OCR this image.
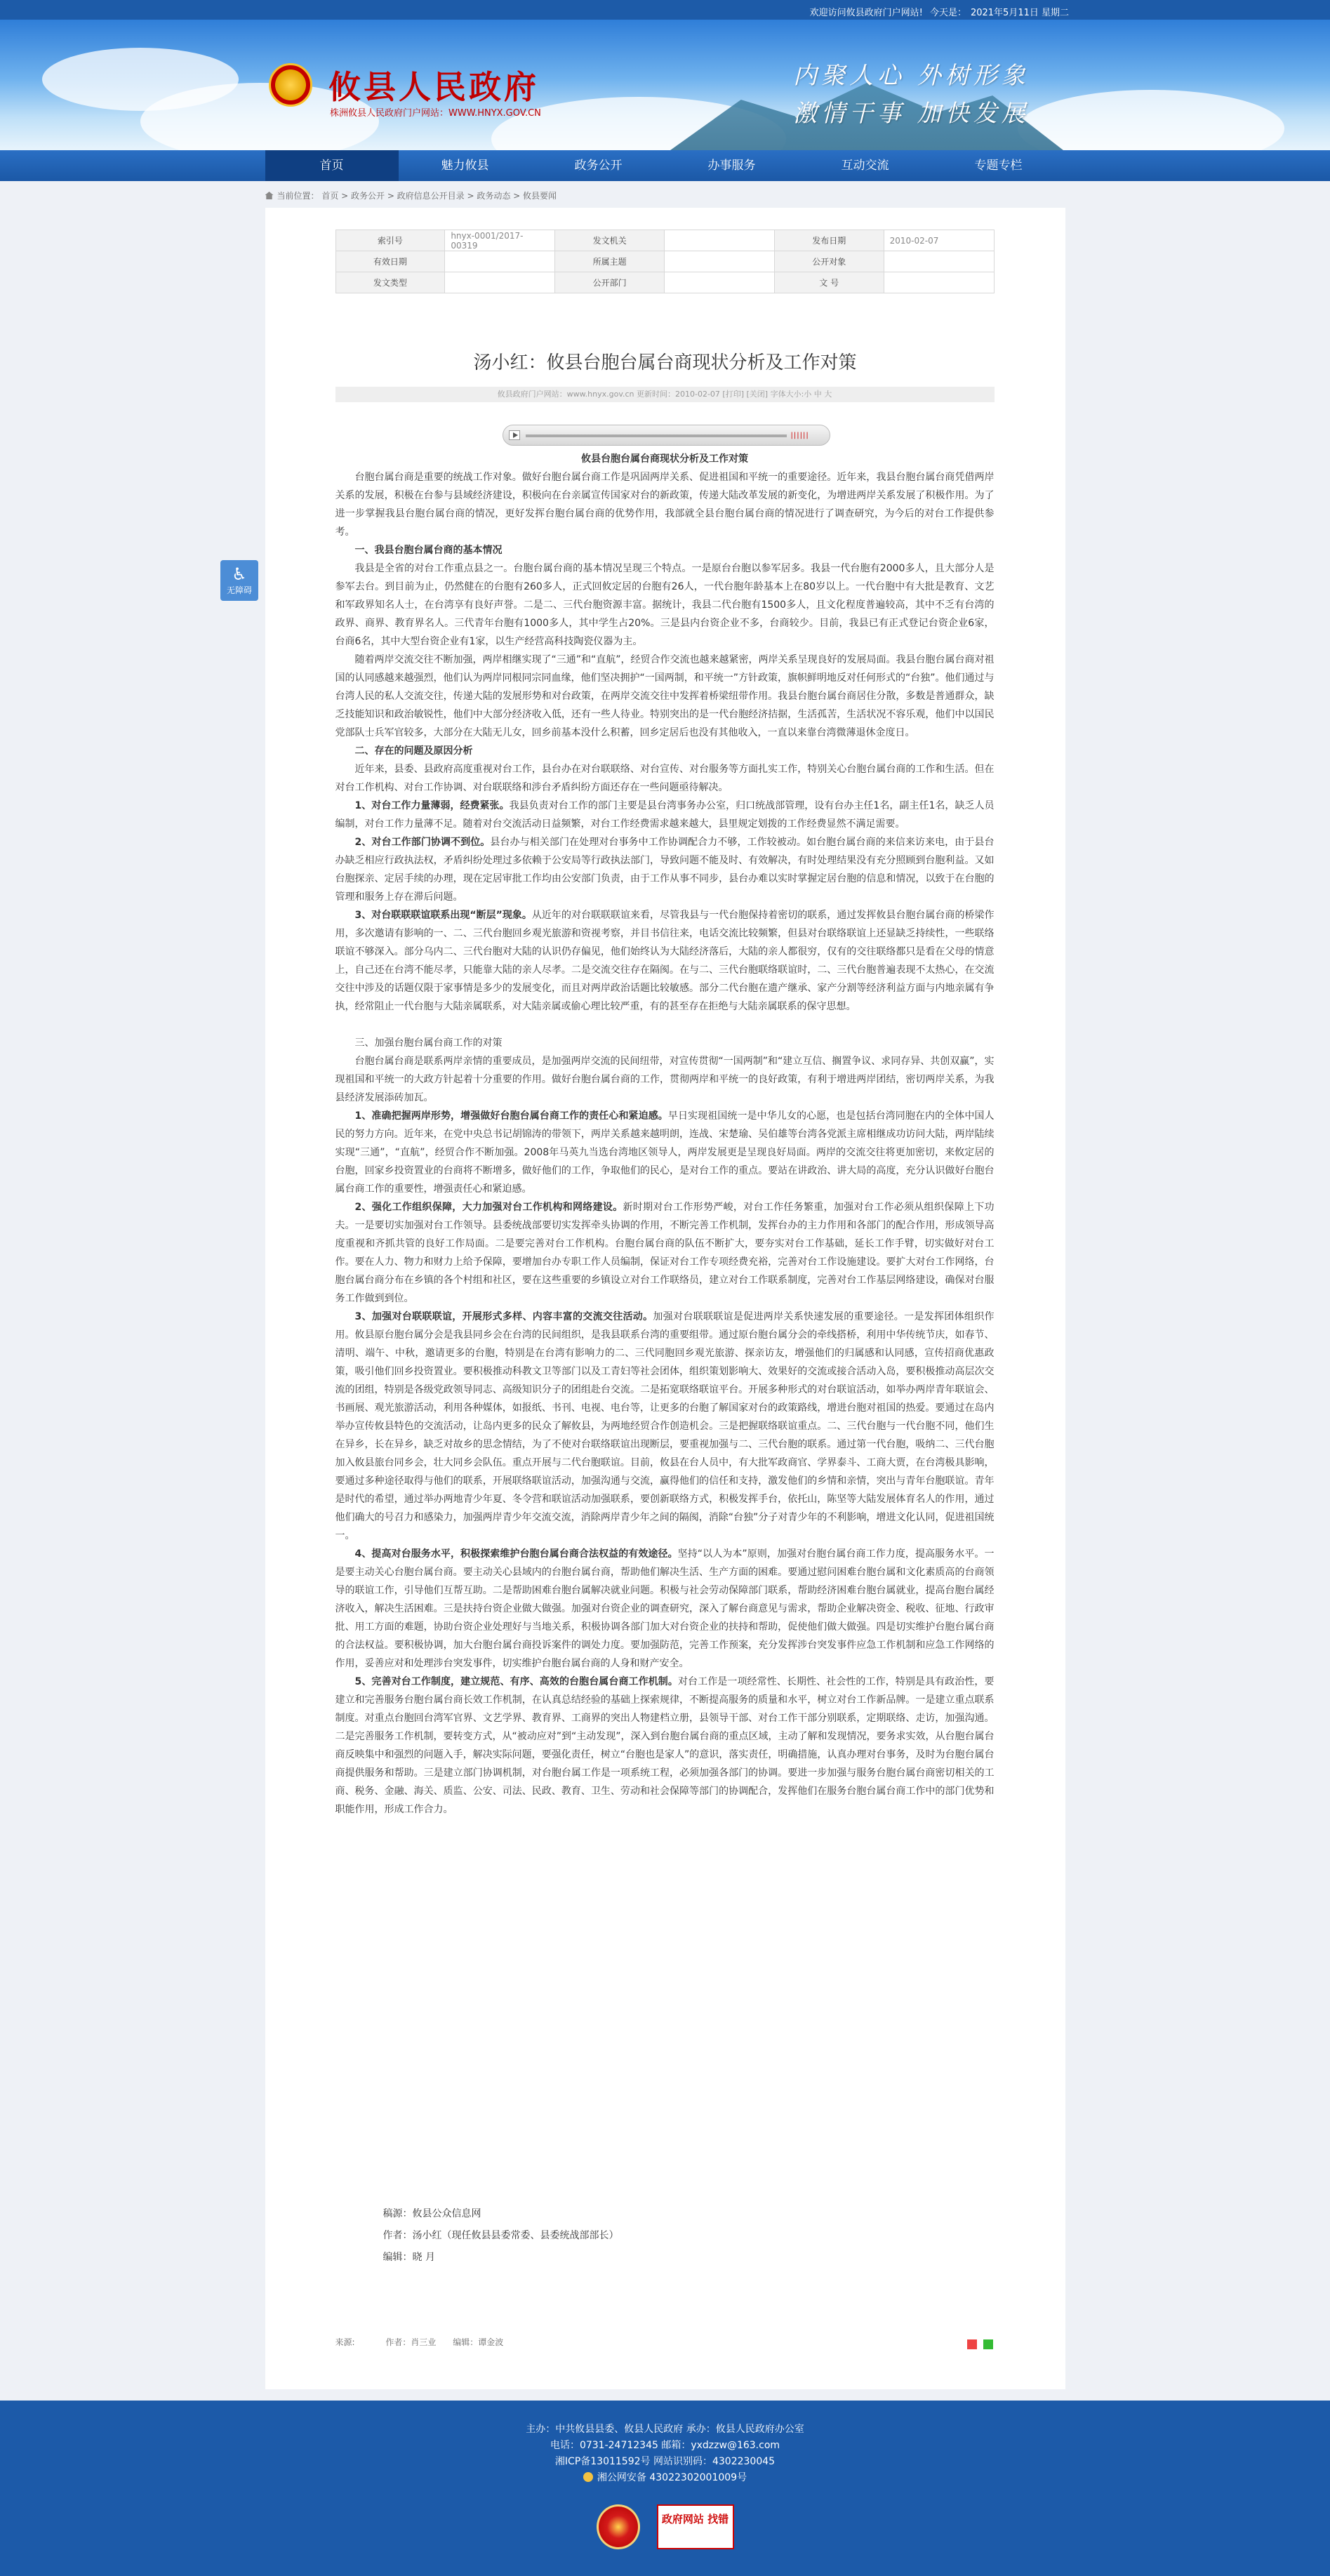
欢迎访问攸县政府门户网站! 今天是： 2021年5月11日 星期二
攸县人民政府
株洲攸县人民政府门户网站：WWW.HNYX.GOV.CN
内聚人心 外树形象
激情干事 加快发展
首页	魅力攸县	政务公开	办事服务	互动交流	专题专栏
当前位置： 首页 > 政务公开 > 政府信息公开目录 > 政务动态 > 攸县要闻
♿
无障碍
索引号	hnyx-0001/2017-00319	发文机关		发布日期	2010-02-07
有效日期		所属主题		公开对象	
发文类型		公开部门		文 号	
汤小红：攸县台胞台属台商现状分析及工作对策
攸县政府门户网站：www.hnyx.gov.cn 更新时间：2010-02-07 [打印] [关闭] 字体大小:小 中 大
||||||
攸县台胞台属台商现状分析及工作对策

台胞台属台商是重要的统战工作对象。做好台胞台属台商工作是巩固两岸关系、促进祖国和平统一的重要途径。近年来，我县台胞台属台商凭借两岸关系的发展，积极在台参与县域经济建设，积极向在台亲属宣传国家对台的新政策，传递大陆改革发展的新变化，为增进两岸关系发展了积极作用。为了进一步掌握我县台胞台属台商的情况，更好发挥台胞台属台商的优势作用，我部就全县台胞台属台商的情况进行了调查研究，为今后的对台工作提供参考。

一、我县台胞台属台商的基本情况

我县是全省的对台工作重点县之一。台胞台属台商的基本情况呈现三个特点。一是原台台胞以参军居多。我县一代台胞有2000多人，且大部分人是参军去台。到目前为止，仍然健在的台胞有260多人，正式回攸定居的台胞有26人，一代台胞年龄基本上在80岁以上。一代台胞中有大批是教育、文艺和军政界知名人士，在台湾享有良好声誉。二是二、三代台胞资源丰富。据统计，我县二代台胞有1500多人，且文化程度普遍较高，其中不乏有台湾的政界、商界、教育界名人。三代青年台胞有1000多人，其中学生占20%。三是县内台资企业不多，台商较少。目前，我县已有正式登记台资企业6家，台商6名，其中大型台资企业有1家，以生产经营高科技陶瓷仪器为主。

随着两岸交流交往不断加强，两岸相继实现了“三通”和“直航”，经贸合作交流也越来越紧密，两岸关系呈现良好的发展局面。我县台胞台属台商对祖国的认同感越来越强烈，他们认为两岸同根同宗同血缘，他们坚决拥护“一国两制，和平统一”方针政策，旗帜鲜明地反对任何形式的“台独”。他们通过与台湾人民的私人交流交往，传递大陆的发展形势和对台政策，在两岸交流交往中发挥着桥梁纽带作用。我县台胞台属台商居住分散，多数是普通群众，缺乏技能知识和政治敏锐性，他们中大部分经济收入低，还有一些人待业。特别突出的是一代台胞经济拮据，生活孤苦，生活状况不容乐观，他们中以国民党部队士兵军官较多，大部分在大陆无儿女，回乡前基本没什么积蓄，回乡定居后也没有其他收入，一直以来靠台湾微薄退休金度日。

二、存在的问题及原因分析

近年来，县委、县政府高度重视对台工作，县台办在对台联联络、对台宣传、对台服务等方面扎实工作，特别关心台胞台属台商的工作和生活。但在对台工作机构、对台工作协调、对台联联络和涉台矛盾纠纷方面还存在一些问题亟待解决。

1、对台工作力量薄弱，经费紧张。我县负责对台工作的部门主要是县台湾事务办公室，归口统战部管理，设有台办主任1名，副主任1名，缺乏人员编制，对台工作力量薄不足。随着对台交流活动日益频繁，对台工作经费需求越来越大，县里规定划拨的工作经费显然不满足需要。

2、对台工作部门协调不到位。县台办与相关部门在处理对台事务中工作协调配合力不够，工作较被动。如台胞台属台商的来信来访来电，由于县台办缺乏相应行政执法权，矛盾纠纷处理过多依赖于公安局等行政执法部门，导致问题不能及时、有效解决，有时处理结果没有充分照顾到台胞利益。又如台胞探亲、定居手续的办理，现在定居审批工作均由公安部门负责，由于工作从事不同步，县台办难以实时掌握定居台胞的信息和情况，以致于在台胞的管理和服务上存在滞后问题。

3、对台联联联谊联系出现“断层”现象。从近年的对台联联联谊来看，尽管我县与一代台胞保持着密切的联系，通过发挥攸县台胞台属台商的桥梁作用，多次邀请有影响的一、二、三代台胞回乡观光旅游和资视考察，并目书信往来，电话交流比较频繁，但县对台联络联谊上还显缺乏持续性，一些联络联谊不够深入。部分乌内二、三代台胞对大陆的认识仍存偏见，他们始终认为大陆经济落后，大陆的亲人都很穷，仅有的交往联络都只是看在父母的情意上，自己还在台湾不能尽孝，只能靠大陆的亲人尽孝。二是交流交往存在隔阂。在与二、三代台胞联络联谊时，二、三代台胞普遍表现不太热心，在交流交往中涉及的话题仅限于家事情是多少的发展变化，而且对两岸政治话题比较敏感。部分二代台胞在遗产继承、家产分割等经济利益方面与内地亲属有争执，经常阻止一代台胞与大陆亲属联系，对大陆亲属或偷心理比较严重，有的甚至存在拒绝与大陆亲属联系的保守思想。

三、加强台胞台属台商工作的对策

台胞台属台商是联系两岸亲情的重要成员，是加强两岸交流的民间纽带，对宣传贯彻“一国两制”和“建立互信、搁置争议、求同存异、共创双赢”，实现祖国和平统一的大政方针起着十分重要的作用。做好台胞台属台商的工作，贯彻两岸和平统一的良好政策，有利于增进两岸团结，密切两岸关系，为我县经济发展添砖加瓦。

1、准确把握两岸形势，增强做好台胞台属台商工作的责任心和紧迫感。早日实现祖国统一是中华儿女的心愿，也是包括台湾同胞在内的全体中国人民的努力方向。近年来，在党中央总书记胡锦涛的带领下，两岸关系越来越明朗，连战、宋楚瑜、吴伯雄等台湾各党派主席相继成功访问大陆，两岸陆续实现“三通”，“直航”，经贸合作不断加强。2008年马英九当选台湾地区领导人，两岸发展更是呈现良好局面。两岸的交流交往将更加密切，来攸定居的台胞，回家乡投资置业的台商将不断增多，做好他们的工作，争取他们的民心，是对台工作的重点。要站在讲政治、讲大局的高度，充分认识做好台胞台属台商工作的重要性，增强责任心和紧迫感。

2、强化工作组织保障，大力加强对台工作机构和网络建设。新时期对台工作形势严峻，对台工作任务繁重，加强对台工作必须从组织保障上下功夫。一是要切实加强对台工作领导。县委统战部要切实发挥牵头协调的作用，不断完善工作机制，发挥台办的主力作用和各部门的配合作用，形成领导高度重视和齐抓共管的良好工作局面。二是要完善对台工作机构。台胞台属台商的队伍不断扩大，要夯实对台工作基础，延长工作手臂，切实做好对台工作。要在人力、物力和财力上给予保障，要增加台办专职工作人员编制，保证对台工作专项经费充裕，完善对台工作设施建设。要扩大对台工作网络，台胞台属台商分布在乡镇的各个村组和社区，要在这些重要的乡镇设立对台工作联络员，建立对台工作联系制度，完善对台工作基层网络建设，确保对台服务工作做到到位。

3、加强对台联联联谊，开展形式多样、内容丰富的交流交往活动。加强对台联联联谊是促进两岸关系快速发展的重要途径。一是发挥团体组织作用。攸县原台胞台属分会是我县同乡会在台湾的民间组织，是我县联系台湾的重要组带。通过原台胞台属分会的牵线搭桥，利用中华传统节庆，如春节、清明、端午、中秋，邀请更多的台胞，特别是在台湾有影响力的二、三代同胞回乡观光旅游、探亲访友，增强他们的归属感和认同感，宣传招商优惠政策，吸引他们回乡投资置业。要积极推动科教文卫等部门以及工青妇等社会团体，组织策划影响大、效果好的交流或接合活动入岛，要积极推动高层次交流的团组，特别是各级党政领导同志、高级知识分子的团组赴台交流。二是拓宽联络联谊平台。开展多种形式的对台联谊活动，如举办两岸青年联谊会、书画展、观光旅游活动，利用各种媒体，如报纸、书刊、电视、电台等，让更多的台胞了解国家对台的政策路线，增进台胞对祖国的热爱。要通过在岛内举办宣传攸县特色的交流活动，让岛内更多的民众了解攸县，为两地经贸合作创造机会。三是把握联络联谊重点。二、三代台胞与一代台胞不同，他们生在异乡，长在异乡，缺乏对故乡的思念情结，为了不使对台联络联谊出现断层，要重视加强与二、三代台胞的联系。通过第一代台胞，吸纳二、三代台胞加入攸县旅台同乡会，壮大同乡会队伍。重点开展与二代台胞联谊。目前，攸县在台人员中，有大批军政商官、学界泰斗、工商大贾，在台湾极具影响，要通过多种途径取得与他们的联系，开展联络联谊活动，加强沟通与交流，赢得他们的信任和支持，激发他们的乡情和亲情，突出与青年台胞联谊。青年是时代的希望，通过举办两地青少年夏、冬令营和联谊活动加强联系，要创新联络方式，积极发挥手台，依托山，陈坚等大陆发展体育名人的作用，通过他们确大的号召力和感染力，加强两岸青少年交流交流，消除两岸青少年之间的隔阂，消除“台独”分子对青少年的不利影响，增进文化认同，促进祖国统一。

4、提高对台服务水平，积极探索维护台胞台属台商合法权益的有效途径。坚持“以人为本”原则，加强对台胞台属台商工作力度，提高服务水平。一是要主动关心台胞台属台商。要主动关心县域内的台胞台属台商，帮助他们解决生活、生产方面的困难。要通过慰问困难台胞台属和文化素质高的台商领导的联谊工作，引导他们互帮互助。二是帮助困难台胞台属解决就业问题。积极与社会劳动保障部门联系，帮助经济困难台胞台属就业，提高台胞台属经济收入，解决生活困难。三是扶持台资企业做大做强。加强对台资企业的调查研究，深入了解台商意见与需求，帮助企业解决资金、税收、征地、行政审批、用工方面的难题，协助台资企业处理好与当地关系，积极协调各部门加大对台资企业的扶持和帮助，促使他们做大做强。四是切实维护台胞台属台商的合法权益。要积极协调，加大台胞台属台商投诉案件的调处力度。要加强防范，完善工作预案，充分发挥涉台突发事件应急工作机制和应急工作网络的作用，妥善应对和处理涉台突发事件，切实维护台胞台属台商的人身和财产安全。

5、完善对台工作制度，建立规范、有序、高效的台胞台属台商工作机制。对台工作是一项经常性、长期性、社会性的工作，特别是具有政治性，要建立和完善服务台胞台属台商长效工作机制，在认真总结经验的基础上探索规律，不断提高服务的质量和水平，树立对台工作新品牌。一是建立重点联系制度。对重点台胞回台湾军官界、文艺学界、教育界、工商界的突出人物建档立册，县领导干部、对台工作干部分别联系，定期联络、走访，加强沟通。二是完善服务工作机制，要转变方式，从“被动应对”到“主动发现”，深入到台胞台属台商的重点区域，主动了解和发现情况，要务求实效，从台胞台属台商反映集中和强烈的问题入手，解决实际问题，要强化责任，树立“台胞也是家人”的意识，落实责任，明确措施，认真办理对台事务，及时为台胞台属台商提供服务和帮助。三是建立部门协调机制，对台胞台属工作是一项系统工程，必须加强各部门的协调。要进一步加强与服务台胞台属台商密切相关的工商、税务、金融、海关、质监、公安、司法、民政、教育、卫生、劳动和社会保障等部门的协调配合，发挥他们在服务台胞台属台商工作中的部门优势和职能作用，形成工作合力。

稿源：攸县公众信息网
作者：汤小红（现任攸县县委常委、县委统战部部长）
编辑：晓 月
来源:	作者：肖三业 编辑：谭金波

主办：中共攸县县委、攸县人民政府 承办：攸县人民政府办公室
电话：0731-24712345 邮箱：yxdzzw@163.com
湘ICP备13011592号 网站识别码：4302230045
湘公网安备 43022302001009号
政府网站 找错
